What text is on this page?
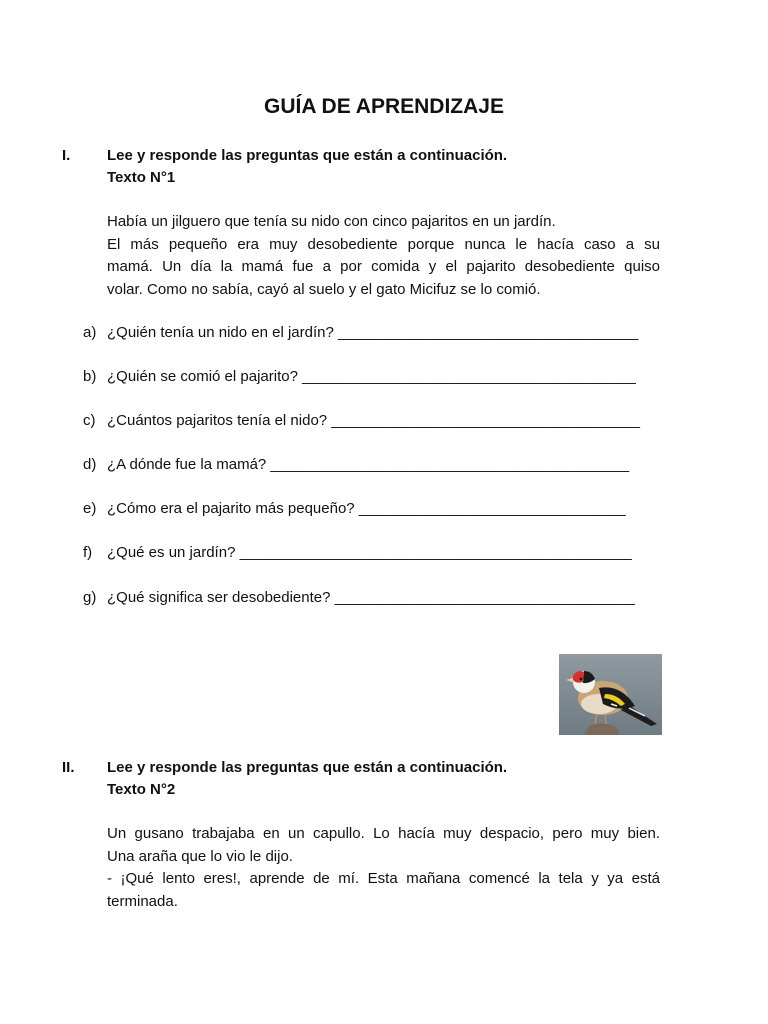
GUÍA DE APRENDIZAJE
I. Lee y responde las preguntas que están a continuación.
Texto N°1
Había un jilguero que tenía su nido con cinco pajaritos en un jardín.
El más pequeño era muy desobediente porque nunca le hacía caso a su
mamá. Un día la mamá fue a por comida y el pajarito desobediente quiso
volar. Como no sabía, cayó al suelo y el gato Micifuz se lo comió.
a) ¿Quién tenía un nido en el jardín? ____________________________________
b) ¿Quién se comió el pajarito? ________________________________________
c) ¿Cuántos pajaritos tenía el nido? _____________________________________
d) ¿A dónde fue la mamá? ___________________________________________
e) ¿Cómo era el pajarito más pequeño? ________________________________
f) ¿Qué es un jardín? _______________________________________________
g) ¿Qué significa ser desobediente? ____________________________________
II. Lee y responde las preguntas que están a continuación.
Texto N°2
Un gusano trabajaba en un capullo. Lo hacía muy despacio, pero muy bien.
Una araña que lo vio le dijo.
- ¡Qué lento eres!, aprende de mí. Esta mañana comencé la tela y ya está
terminada.
